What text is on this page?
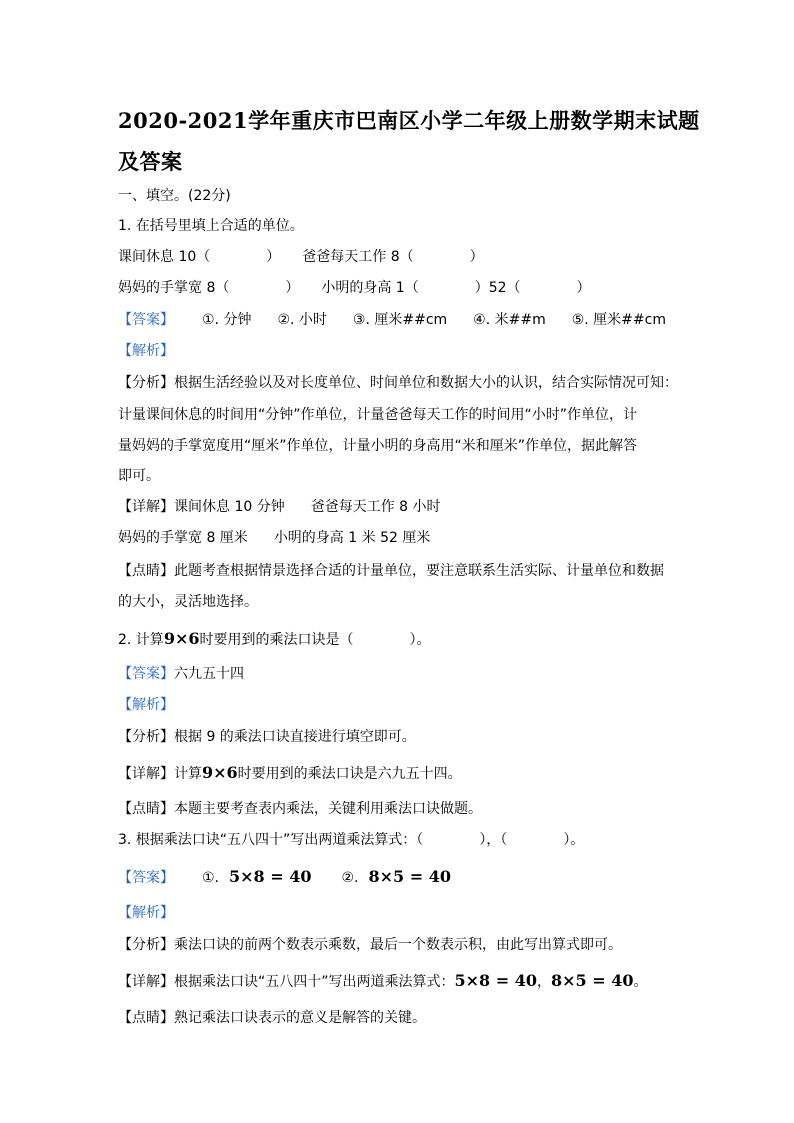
2020-2021学年重庆市巴南区小学二年级上册数学期末试题
及答案
一、填空。(22分)
1. 在括号里填上合适的单位。
课间休息 10（	） 爸爸每天工作 8（	）
妈妈的手掌宽 8（	） 小明的身高 1（	）52（	）
【答案】 ①. 分钟 ②. 小时 ③. 厘米##cm ④. 米##m ⑤. 厘米##cm
【解析】
【分析】根据生活经验以及对长度单位、时间单位和数据大小的认识，结合实际情况可知：
计量课间休息的时间用“分钟”作单位，计量爸爸每天工作的时间用“小时”作单位，计
量妈妈的手掌宽度用“厘米”作单位，计量小明的身高用“米和厘米”作单位，据此解答
即可。
【详解】课间休息 10 分钟 爸爸每天工作 8 小时
妈妈的手掌宽 8 厘米 小明的身高 1 米 52 厘米
【点睛】此题考查根据情景选择合适的计量单位，要注意联系生活实际、计量单位和数据
的大小，灵活地选择。
2. 计算9×6时要用到的乘法口诀是（	）。
【答案】六九五十四
【解析】
【分析】根据 9 的乘法口诀直接进行填空即可。
【详解】计算9×6时要用到的乘法口诀是六九五十四。
【点睛】本题主要考查表内乘法，关键利用乘法口诀做题。
3. 根据乘法口诀“五八四十”写出两道乘法算式：（	），（	）。
【答案】 ①. 5×8 = 40 ②. 8×5 = 40
【解析】
【分析】乘法口诀的前两个数表示乘数，最后一个数表示积，由此写出算式即可。
【详解】根据乘法口诀“五八四十”写出两道乘法算式：5×8 = 40，8×5 = 40。
【点睛】熟记乘法口诀表示的意义是解答的关键。
